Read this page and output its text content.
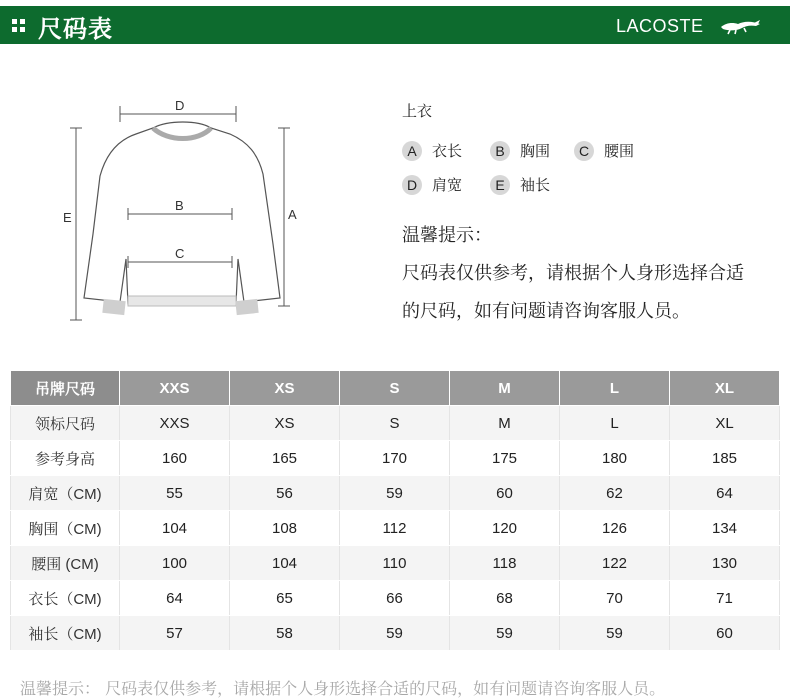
尺码表	LACOSTE
D
B
C
E	A
上衣
A	衣长	B	胸围	C 腰围
D 肩宽	E	袖长
温馨提示：
尺码表仅供参考，请根据个人身形选择合适
的尺码，如有问题请咨询客服人员。
吊牌尺码	XXS	XS	S	M	L	XL
领标尺码	XXS	XS	S	M	L	XL
参考身高	160	165	170	175	180	185
肩宽（CM)	55	56	59	60	62	64
胸围（CM)	104	108	112	120	126	134
腰围 (CM)	100	104	110	118	122	130
衣长（CM)	64	65	66	68	70	71
袖长（CM)	57	58	59	59	59	60
温馨提示： 尺码表仅供参考，请根据个人身形选择合适的尺码，如有问题请咨询客服人员。
